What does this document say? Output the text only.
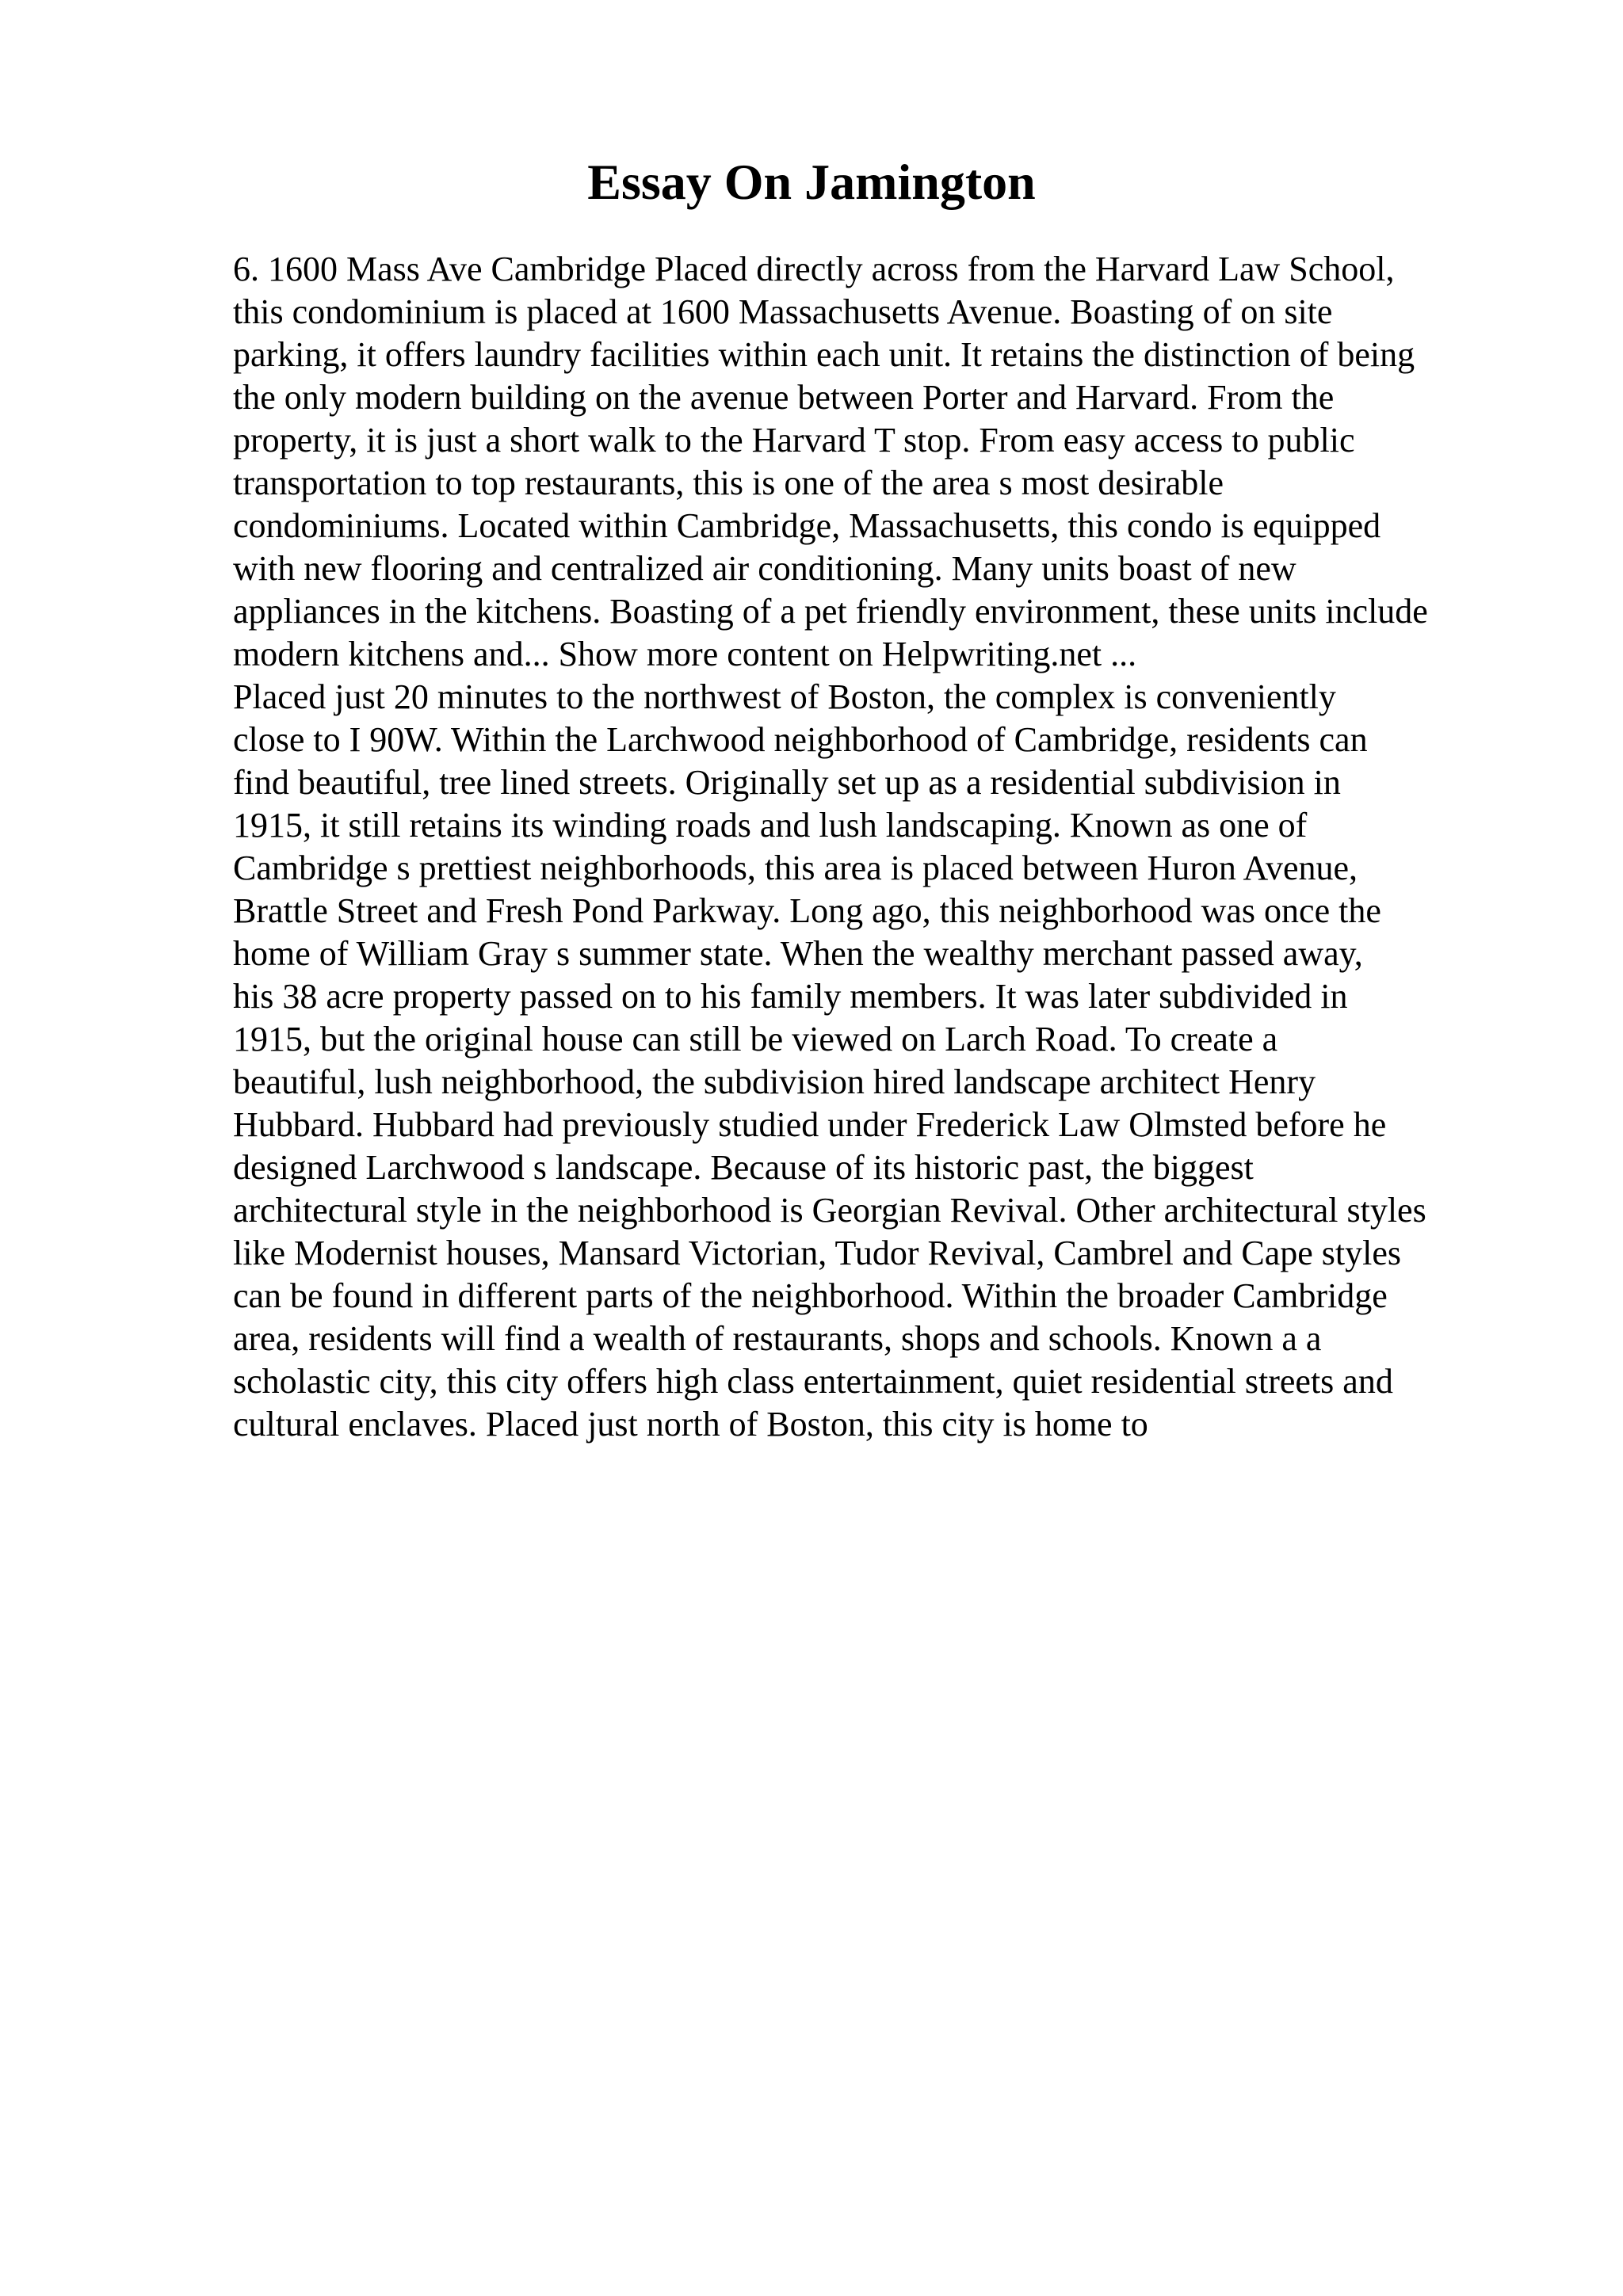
Essay On Jamington
6. 1600 Mass Ave Cambridge Placed directly across from the Harvard Law School,
this condominium is placed at 1600 Massachusetts Avenue. Boasting of on site
parking, it offers laundry facilities within each unit. It retains the distinction of being
the only modern building on the avenue between Porter and Harvard. From the
property, it is just a short walk to the Harvard T stop. From easy access to public
transportation to top restaurants, this is one of the area s most desirable
condominiums. Located within Cambridge, Massachusetts, this condo is equipped
with new flooring and centralized air conditioning. Many units boast of new
appliances in the kitchens. Boasting of a pet friendly environment, these units include
modern kitchens and... Show more content on Helpwriting.net ...
Placed just 20 minutes to the northwest of Boston, the complex is conveniently
close to I 90W. Within the Larchwood neighborhood of Cambridge, residents can
find beautiful, tree lined streets. Originally set up as a residential subdivision in
1915, it still retains its winding roads and lush landscaping. Known as one of
Cambridge s prettiest neighborhoods, this area is placed between Huron Avenue,
Brattle Street and Fresh Pond Parkway. Long ago, this neighborhood was once the
home of William Gray s summer state. When the wealthy merchant passed away,
his 38 acre property passed on to his family members. It was later subdivided in
1915, but the original house can still be viewed on Larch Road. To create a
beautiful, lush neighborhood, the subdivision hired landscape architect Henry
Hubbard. Hubbard had previously studied under Frederick Law Olmsted before he
designed Larchwood s landscape. Because of its historic past, the biggest
architectural style in the neighborhood is Georgian Revival. Other architectural styles
like Modernist houses, Mansard Victorian, Tudor Revival, Cambrel and Cape styles
can be found in different parts of the neighborhood. Within the broader Cambridge
area, residents will find a wealth of restaurants, shops and schools. Known a a
scholastic city, this city offers high class entertainment, quiet residential streets and
cultural enclaves. Placed just north of Boston, this city is home to
